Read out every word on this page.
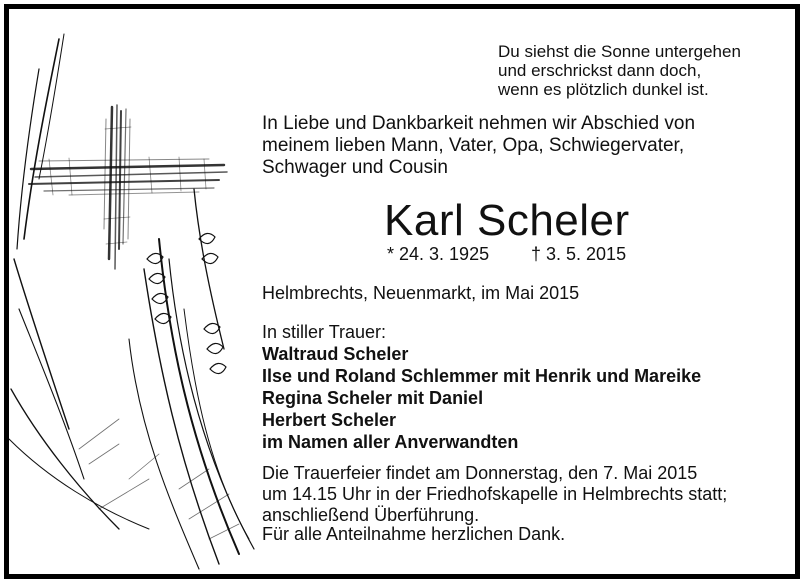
Du siehst die Sonne untergehen
und erschrickst dann doch,
wenn es plötzlich dunkel ist.
In Liebe und Dankbarkeit nehmen wir Abschied von
meinem lieben Mann, Vater, Opa, Schwiegervater,
Schwager und Cousin
Karl Scheler
* 24. 3. 1925 † 3. 5. 2015
Helmbrechts, Neuenmarkt, im Mai 2015
In stiller Trauer:
Waltraud Scheler
Ilse und Roland Schlemmer mit Henrik und Mareike
Regina Scheler mit Daniel
Herbert Scheler
im Namen aller Anverwandten
Die Trauerfeier findet am Donnerstag, den 7. Mai 2015
um 14.15 Uhr in der Friedhofskapelle in Helmbrechts statt;
anschließend Überführung.
Für alle Anteilnahme herzlichen Dank.
